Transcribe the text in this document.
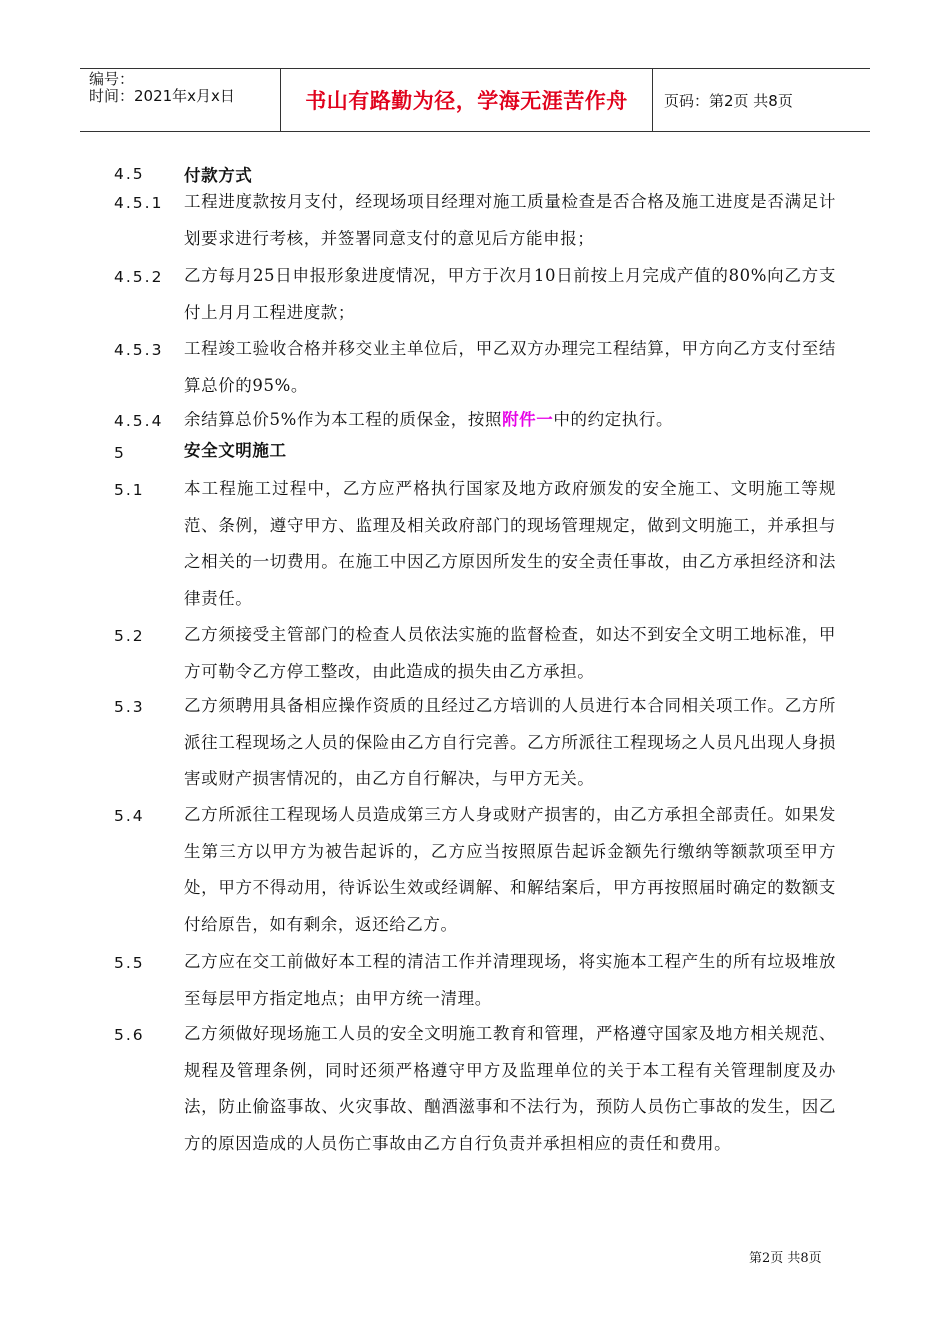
编号：
时间：2021年x月x日	书山有路勤为径，学海无涯苦作舟	页码：第2页 共8页
4.5 付款方式
4.5.1 工程进度款按月支付，经现场项目经理对施工质量检查是否合格及施工进度是否满足计划要求进行考核，并签署同意支付的意见后方能申报；
4.5.2 乙方每月25日申报形象进度情况，甲方于次月10日前按上月完成产值的80%向乙方支付上月月工程进度款；
4.5.3 工程竣工验收合格并移交业主单位后，甲乙双方办理完工程结算，甲方向乙方支付至结算总价的95%。
4.5.4 余结算总价5%作为本工程的质保金，按照附件一中的约定执行。
5	安全文明施工
5.1 本工程施工过程中，乙方应严格执行国家及地方政府颁发的安全施工、文明施工等规范、条例，遵守甲方、监理及相关政府部门的现场管理规定，做到文明施工，并承担与之相关的一切费用。在施工中因乙方原因所发生的安全责任事故，由乙方承担经济和法律责任。
5.2 乙方须接受主管部门的检查人员依法实施的监督检查，如达不到安全文明工地标准，甲方可勒令乙方停工整改，由此造成的损失由乙方承担。
5.3 乙方须聘用具备相应操作资质的且经过乙方培训的人员进行本合同相关项工作。乙方所派往工程现场之人员的保险由乙方自行完善。乙方所派往工程现场之人员凡出现人身损害或财产损害情况的，由乙方自行解决，与甲方无关。
5.4 乙方所派往工程现场人员造成第三方人身或财产损害的，由乙方承担全部责任。如果发生第三方以甲方为被告起诉的，乙方应当按照原告起诉金额先行缴纳等额款项至甲方处，甲方不得动用，待诉讼生效或经调解、和解结案后，甲方再按照届时确定的数额支付给原告，如有剩余，返还给乙方。
5.5 乙方应在交工前做好本工程的清洁工作并清理现场，将实施本工程产生的所有垃圾堆放至每层甲方指定地点；由甲方统一清理。
5.6 乙方须做好现场施工人员的安全文明施工教育和管理，严格遵守国家及地方相关规范、规程及管理条例，同时还须严格遵守甲方及监理单位的关于本工程有关管理制度及办法，防止偷盗事故、火灾事故、酗酒滋事和不法行为，预防人员伤亡事故的发生，因乙方的原因造成的人员伤亡事故由乙方自行负责并承担相应的责任和费用。
第2页 共8页
